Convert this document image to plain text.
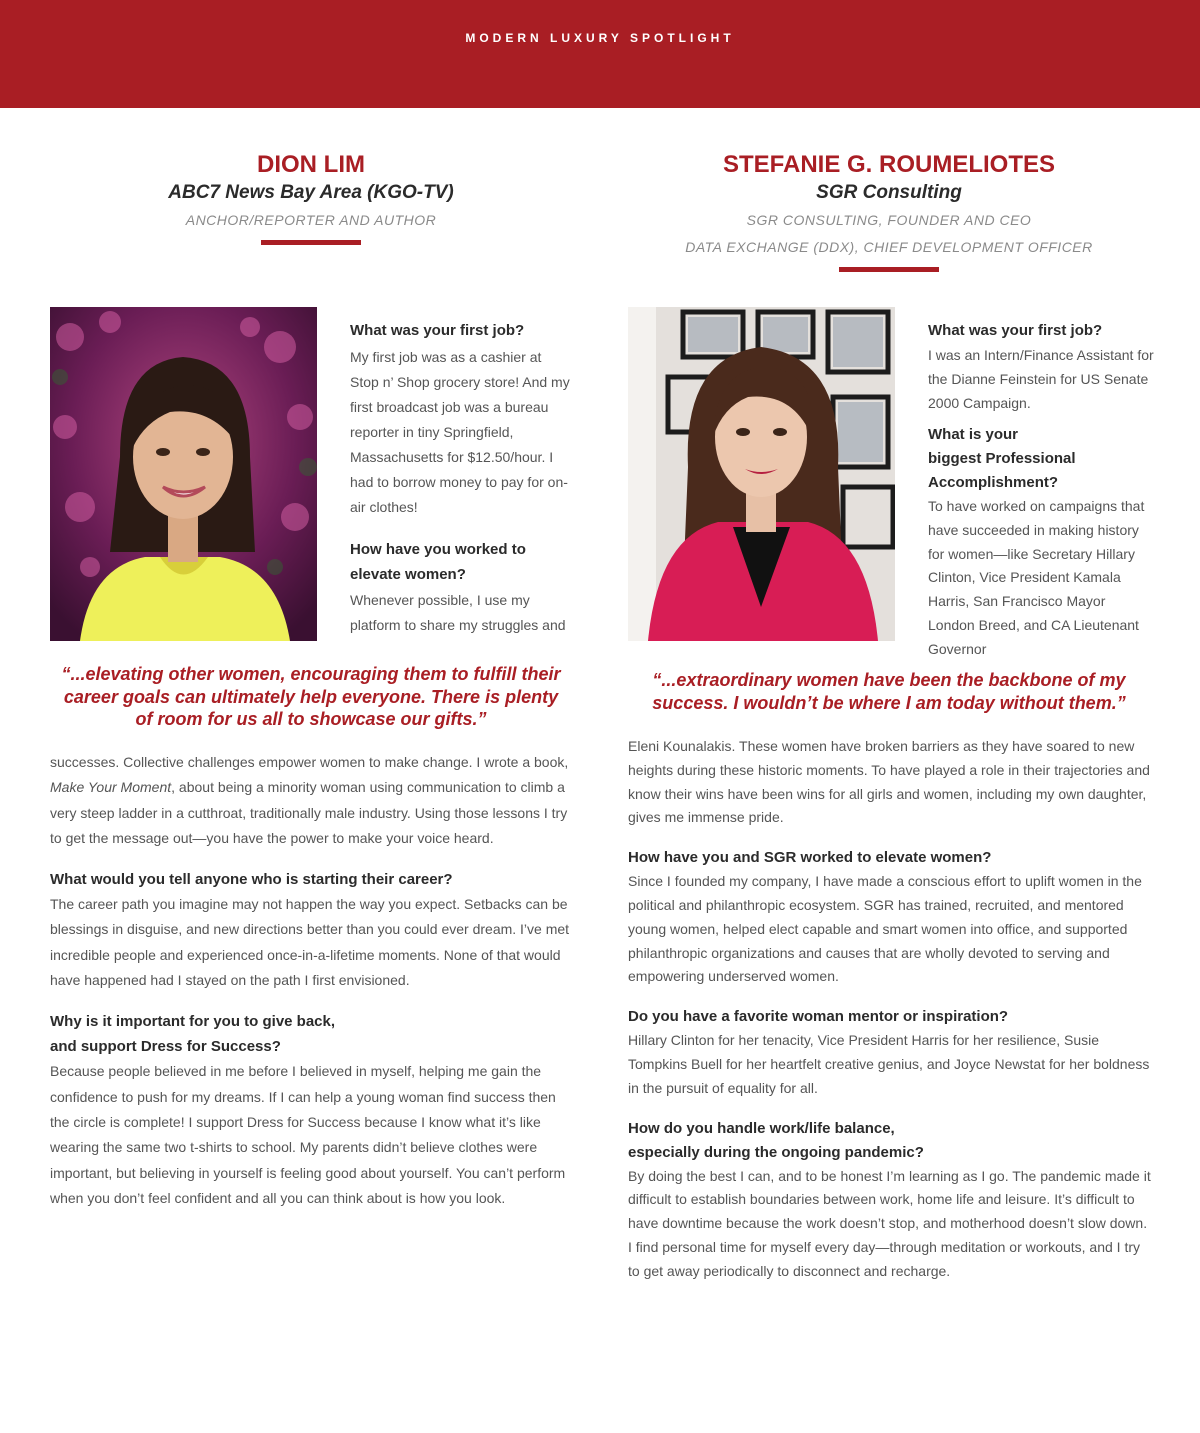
MODERN LUXURY SPOTLIGHT
DION LIM
ABC7 News Bay Area (KGO-TV)
ANCHOR/REPORTER AND AUTHOR
What was your first job?
My first job was as a cashier at Stop n’ Shop grocery store! And my first broadcast job was a bureau reporter in tiny Springfield, Massachusetts for $12.50/hour. I had to borrow money to pay for on-air clothes!
How have you worked to elevate women?
Whenever possible, I use my platform to share my struggles and
“...elevating other women, encouraging them to fulfill their career goals can ultimately help everyone. There is plenty of room for us all to showcase our gifts.”
successes. Collective challenges empower women to make change. I wrote a book, Make Your Moment, about being a minority woman using communication to climb a very steep ladder in a cutthroat, traditionally male industry. Using those lessons I try to get the message out—you have the power to make your voice heard.
What would you tell anyone who is starting their career?
The career path you imagine may not happen the way you expect. Setbacks can be blessings in disguise, and new directions better than you could ever dream. I’ve met incredible people and experienced once-in-a-lifetime moments. None of that would have happened had I stayed on the path I first envisioned.
Why is it important for you to give back,
and support Dress for Success?
Because people believed in me before I believed in myself, helping me gain the confidence to push for my dreams. If I can help a young woman find success then the circle is complete! I support Dress for Success because I know what it’s like wearing the same two t-shirts to school. My parents didn’t believe clothes were important, but believing in yourself is feeling good about yourself. You can’t perform when you don’t feel confident and all you can think about is how you look.
STEFANIE G. ROUMELIOTES
SGR Consulting
SGR CONSULTING, FOUNDER AND CEO
DATA EXCHANGE (DDX), CHIEF DEVELOPMENT OFFICER
What was your first job?
I was an Intern/Finance Assistant for the Dianne Feinstein for US Senate 2000 Campaign.
What is your
biggest Professional
Accomplishment?
To have worked on campaigns that have succeeded in making history for women—like Secretary Hillary Clinton, Vice President Kamala Harris, San Francisco Mayor London Breed, and CA Lieutenant Governor
“...extraordinary women have been the backbone of my success. I wouldn’t be where I am today without them.”
Eleni Kounalakis. These women have broken barriers as they have soared to new heights during these historic moments. To have played a role in their trajectories and know their wins have been wins for all girls and women, including my own daughter, gives me immense pride.
How have you and SGR worked to elevate women?
Since I founded my company, I have made a conscious effort to uplift women in the political and philanthropic ecosystem. SGR has trained, recruited, and mentored young women, helped elect capable and smart women into office, and supported philanthropic organizations and causes that are wholly devoted to serving and empowering underserved women.
Do you have a favorite woman mentor or inspiration?
Hillary Clinton for her tenacity, Vice President Harris for her resilience, Susie Tompkins Buell for her heartfelt creative genius, and Joyce Newstat for her boldness in the pursuit of equality for all.
How do you handle work/life balance,
especially during the ongoing pandemic?
By doing the best I can, and to be honest I’m learning as I go. The pandemic made it difficult to establish boundaries between work, home life and leisure. It’s difficult to have downtime because the work doesn’t stop, and motherhood doesn’t slow down. I find personal time for myself every day—through meditation or workouts, and I try to get away periodically to disconnect and recharge.
